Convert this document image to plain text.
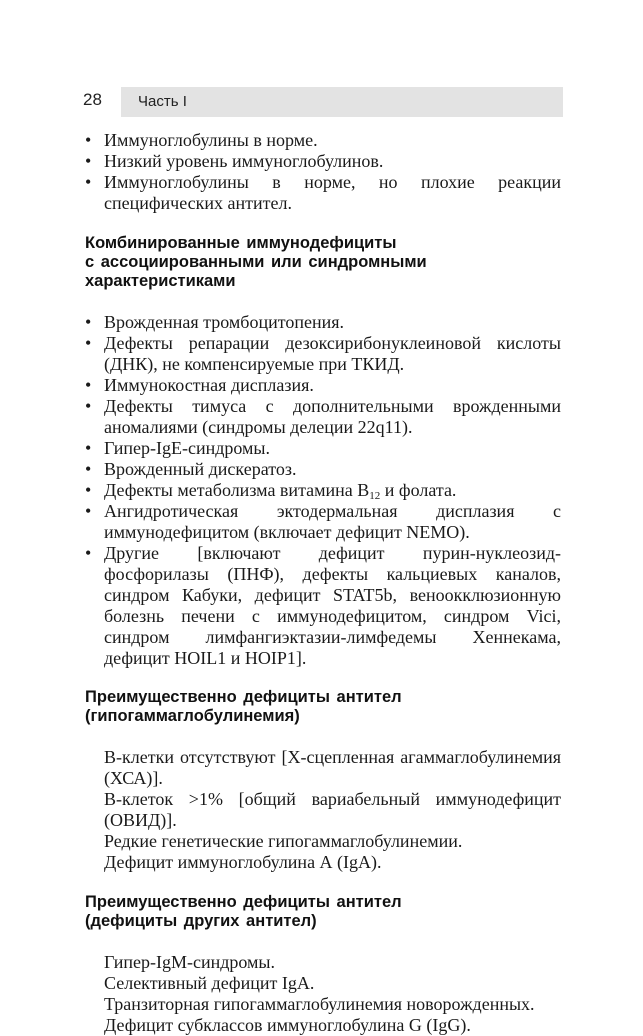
28 Часть I
• Иммуноглобулины в норме.
• Низкий уровень иммуноглобулинов.
• Иммуноглобулины в норме, но плохие реакции специфических антител.
Комбинированные иммунодефициты
с ассоциированными или синдромными
характеристиками
• Врожденная тромбоцитопения.
• Дефекты репарации дезоксирибонуклеиновой кислоты (ДНК), не компенсируемые при ТКИД.
• Иммунокостная дисплазия.
• Дефекты тимуса с дополнительными врожденными аномалиями (синдромы делеции 22q11).
• Гипер-IgE-синдромы.
• Врожденный дискератоз.
• Дефекты метаболизма витамина $B_{12}$ и фолата.
• Ангидротическая эктодермальная дисплазия с иммунодефицитом (включает дефицит NEMO).
• Другие [включают дефицит пурин-нуклеозид-фосфорилазы (ПНФ), дефекты кальциевых каналов, синдром Кабуки, дефицит STAT5b, веноокклюзионную болезнь печени с иммунодефицитом, синдром Vici, синдром лимфангиэктазии-лимфедемы Хеннекама, дефицит HOIL1 и HOIP1].
Преимущественно дефициты антител
(гипогаммаглобулинемия)
В-клетки отсутствуют [Х-сцепленная агаммаглобулинемия (ХСА)].
В-клеток >1% [общий вариабельный иммунодефицит (ОВИД)].
Редкие генетические гипогаммаглобулинемии.
Дефицит иммуноглобулина А (IgA).
Преимущественно дефициты антител
(дефициты других антител)
Гипер-IgM-синдромы.
Селективный дефицит IgA.
Транзиторная гипогаммаглобулинемия новорожденных.
Дефицит субклассов иммуноглобулина G (IgG).
